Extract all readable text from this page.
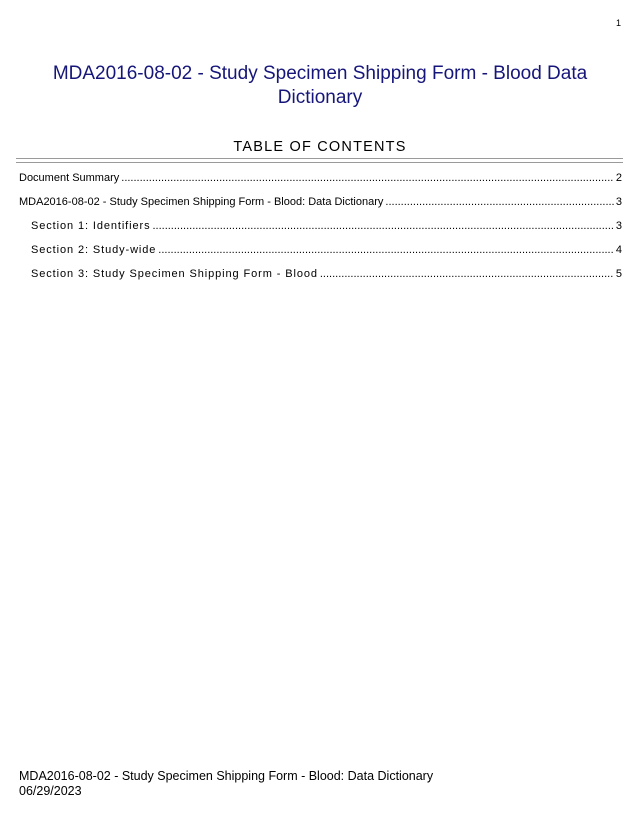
1
MDA2016-08-02 - Study Specimen Shipping Form - Blood Data Dictionary
TABLE OF CONTENTS
Document Summary .....	2
MDA2016-08-02 - Study Specimen Shipping Form - Blood: Data Dictionary .....	3
Section 1: Identifiers .....	3
Section 2: Study-wide .....	4
Section 3: Study Specimen Shipping Form - Blood .....	5
MDA2016-08-02 - Study Specimen Shipping Form - Blood: Data Dictionary
06/29/2023
